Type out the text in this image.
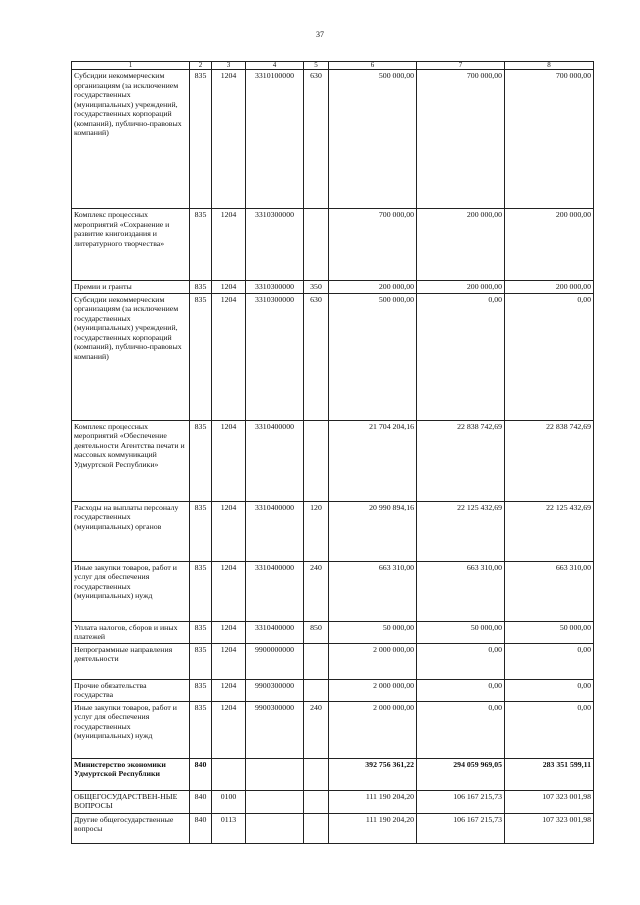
37
1	2	3	4	5	6	7	8
Субсидии некоммерческим организациям (за исключением государственных (муниципальных) учреждений, государственных корпораций (компаний), публично-правовых компаний)	835	1204	3310100000	630	500 000,00	700 000,00	700 000,00
Комплекс процессных мероприятий «Сохранение и развитие книгоиздания и литературного творчества»	835	1204	3310300000		700 000,00	200 000,00	200 000,00
Премии и гранты	835	1204	3310300000	350	200 000,00	200 000,00	200 000,00
Субсидии некоммерческим организациям (за исключением государственных (муниципальных) учреждений, государственных корпораций (компаний), публично-правовых компаний)	835	1204	3310300000	630	500 000,00	0,00	0,00
Комплекс процессных мероприятий «Обеспечение деятельности Агентства печати и массовых коммуникаций Удмуртской Республики»	835	1204	3310400000		21 704 204,16	22 838 742,69	22 838 742,69
Расходы на выплаты персоналу государственных (муниципальных) органов	835	1204	3310400000	120	20 990 894,16	22 125 432,69	22 125 432,69
Иные закупки товаров, работ и услуг для обеспечения государственных (муниципальных) нужд	835	1204	3310400000	240	663 310,00	663 310,00	663 310,00
Уплата налогов, сборов и иных платежей	835	1204	3310400000	850	50 000,00	50 000,00	50 000,00
Непрограммные направления деятельности	835	1204	9900000000		2 000 000,00	0,00	0,00
Прочие обязательства государства	835	1204	9900300000		2 000 000,00	0,00	0,00
Иные закупки товаров, работ и услуг для обеспечения государственных (муниципальных) нужд	835	1204	9900300000	240	2 000 000,00	0,00	0,00
Министерство экономики Удмуртской Республики	840				392 756 361,22	294 059 969,05	283 351 599,11
ОБЩЕГОСУДАРСТВЕН-НЫЕ ВОПРОСЫ	840	0100			111 190 204,20	106 167 215,73	107 323 001,98
Другие общегосударственные вопросы	840	0113			111 190 204,20	106 167 215,73	107 323 001,98
